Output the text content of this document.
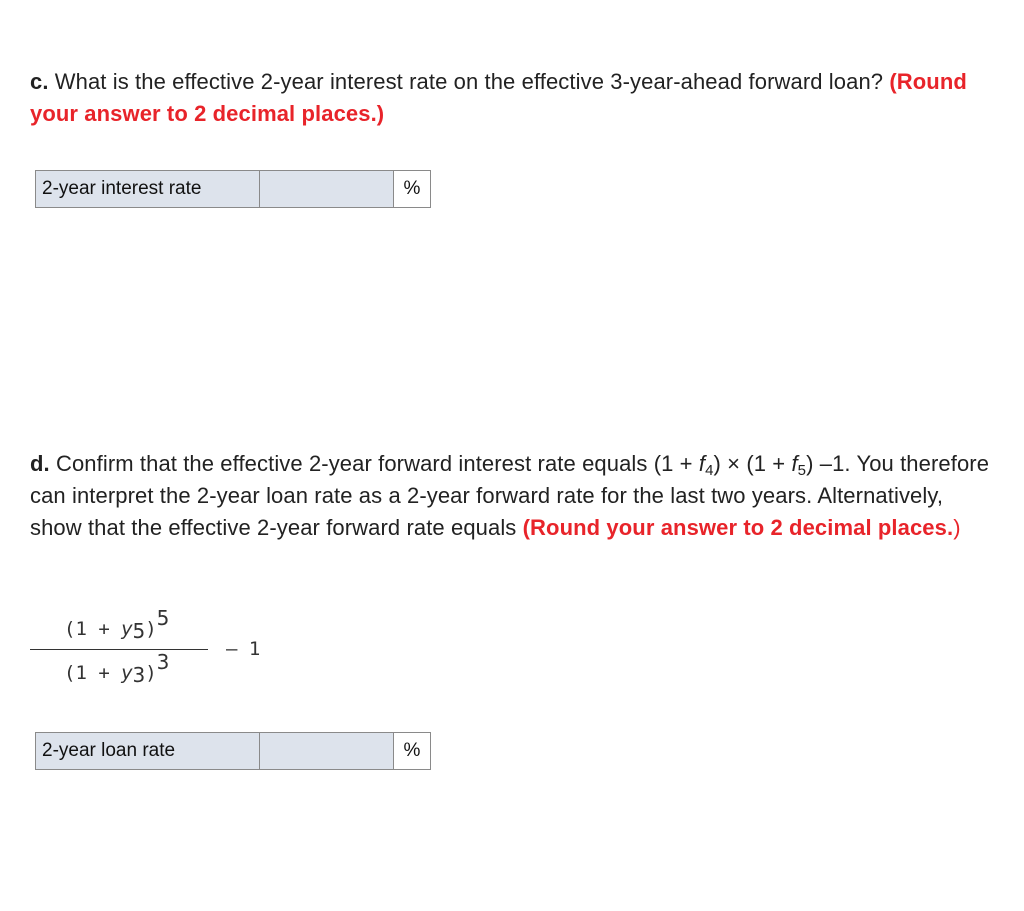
c. What is the effective 2-year interest rate on the effective 3-year-ahead forward loan? (Round your answer to 2 decimal places.)
2-year interest rate	%
d. Confirm that the effective 2-year forward interest rate equals $(1 + f_4) \times (1 + f_5)$ –1. You therefore can interpret the 2-year loan rate as a 2-year forward rate for the last two years. Alternatively, show that the effective 2-year forward rate equals (Round your answer to 2 decimal places.)
(1 + y5)5
(1 + y3)3
– 1
2-year loan rate	%
